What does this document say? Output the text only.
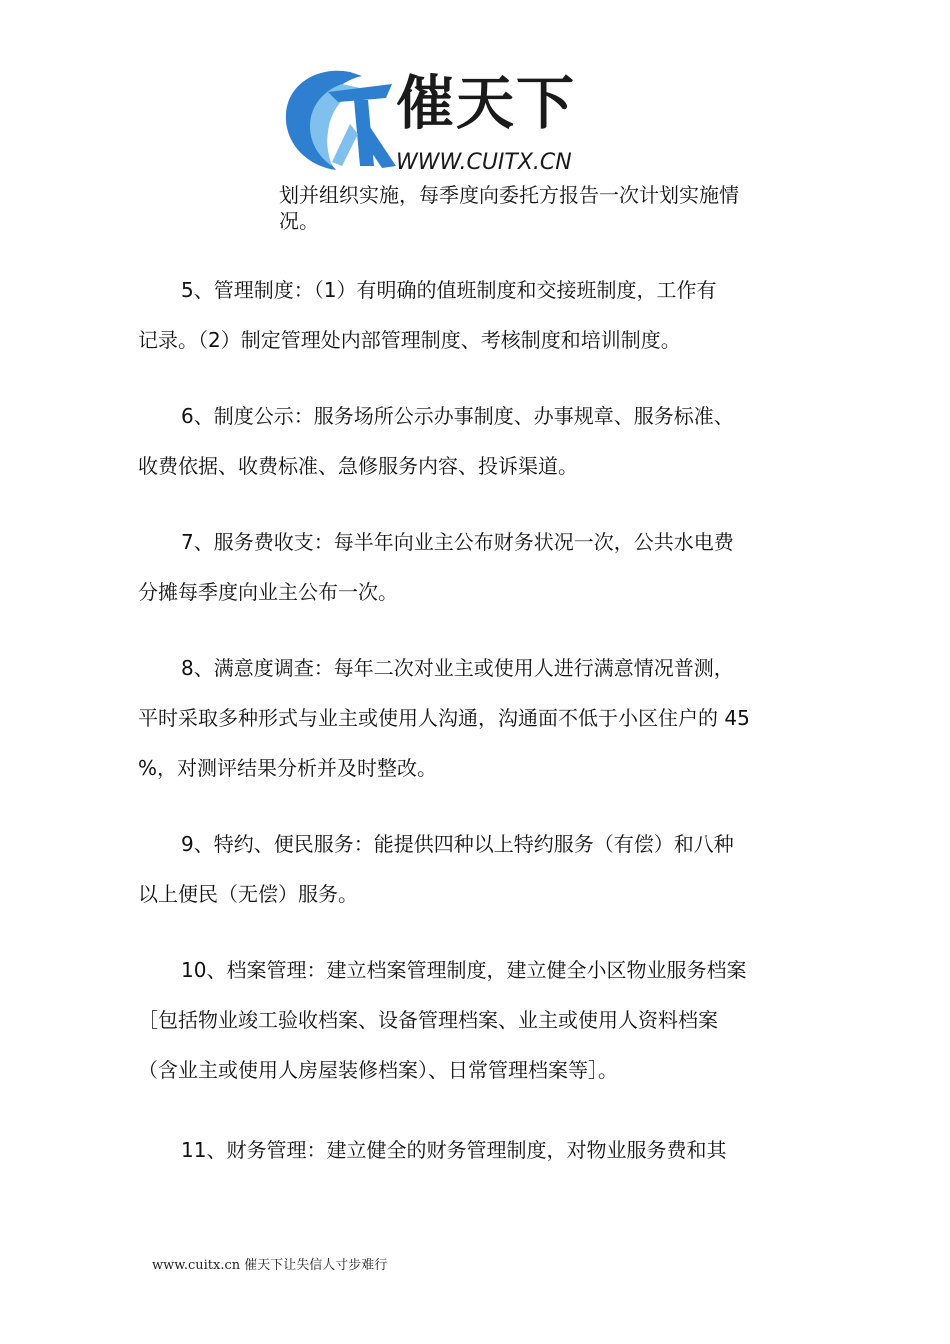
催天下
WWW.CUITX.CN
划并组织实施，每季度向委托方报告一次计划实施情
况。
5、管理制度：（1）有明确的值班制度和交接班制度，工作有
记录。（2）制定管理处内部管理制度、考核制度和培训制度。
6、制度公示：服务场所公示办事制度、办事规章、服务标准、
收费依据、收费标准、急修服务内容、投诉渠道。
7、服务费收支：每半年向业主公布财务状况一次，公共水电费
分摊每季度向业主公布一次。
8、满意度调查：每年二次对业主或使用人进行满意情况普测，
平时采取多种形式与业主或使用人沟通，沟通面不低于小区住户的 45
%，对测评结果分析并及时整改。
9、特约、便民服务：能提供四种以上特约服务（有偿）和八种
以上便民（无偿）服务。
10、档案管理：建立档案管理制度，建立健全小区物业服务档案
［包括物业竣工验收档案、设备管理档案、业主或使用人资料档案
（含业主或使用人房屋装修档案）、日常管理档案等］。
11、财务管理：建立健全的财务管理制度，对物业服务费和其
www.cuitx.cn 催天下让失信人寸步难行
